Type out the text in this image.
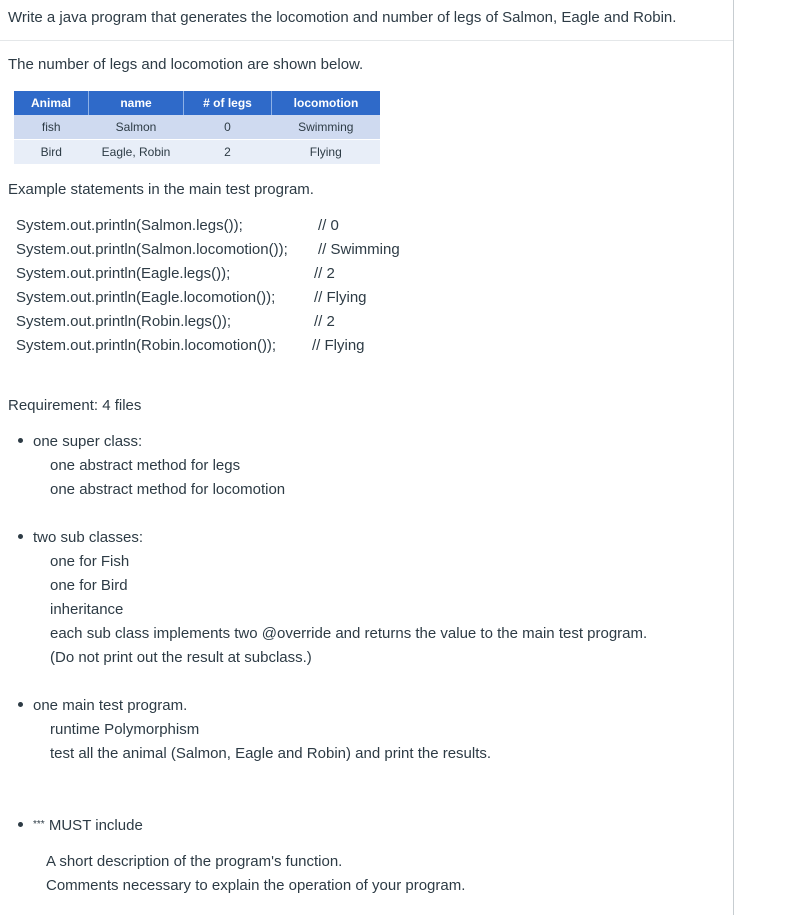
Write a java program that generates the locomotion and number of legs of Salmon, Eagle and Robin.
The number of legs and locomotion are shown below.
Animal	name	# of legs	locomotion
fish	Salmon	0	Swimming
Bird	Eagle, Robin	2	Flying
Example statements in the main test program.
System.out.println(Salmon.legs());	// 0
System.out.println(Salmon.locomotion()); // Swimming
System.out.println(Eagle.legs());	// 2
System.out.println(Eagle.locomotion());	// Flying
System.out.println(Robin.legs());	// 2
System.out.println(Robin.locomotion()); // Flying
Requirement: 4 files
one super class:
one abstract method for legs
one abstract method for locomotion
two sub classes:
one for Fish
one for Bird
inheritance
each sub class implements two @override and returns the value to the main test program.
(Do not print out the result at subclass.)
one main test program.
runtime Polymorphism
test all the animal (Salmon, Eagle and Robin) and print the results.
*** MUST include
A short description of the program's function.
Comments necessary to explain the operation of your program.
